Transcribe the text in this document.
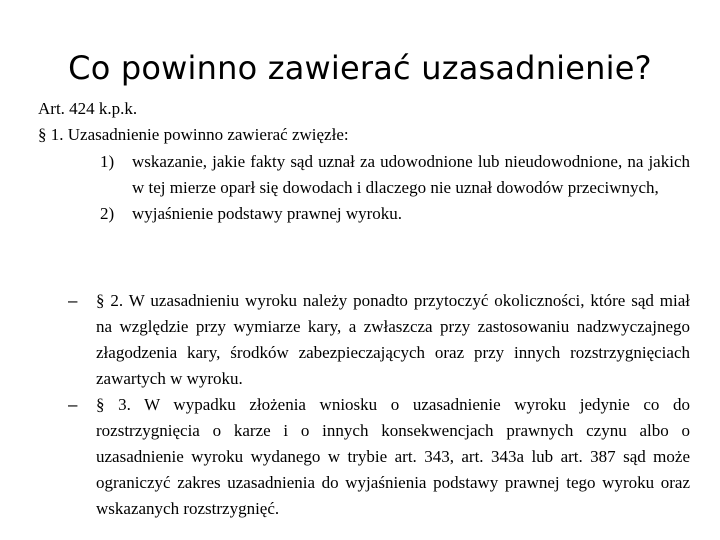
Co powinno zawierać uzasadnienie?
Art. 424 k.p.k.
§ 1. Uzasadnienie powinno zawierać zwięzłe:
1) wskazanie, jakie fakty sąd uznał za udowodnione lub nieudowodnione, na jakich w tej mierze oparł się dowodach i dlaczego nie uznał dowodów przeciwnych,
2) wyjaśnienie podstawy prawnej wyroku.
– § 2. W uzasadnieniu wyroku należy ponadto przytoczyć okoliczności, które sąd miał na względzie przy wymiarze kary, a zwłaszcza przy zastosowaniu nadzwyczajnego złagodzenia kary, środków zabezpieczających oraz przy innych rozstrzygnięciach zawartych w wyroku.
– § 3. W wypadku złożenia wniosku o uzasadnienie wyroku jedynie co do rozstrzygnięcia o karze i o innych konsekwencjach prawnych czynu albo o uzasadnienie wyroku wydanego w trybie art. 343, art. 343a lub art. 387 sąd może ograniczyć zakres uzasadnienia do wyjaśnienia podstawy prawnej tego wyroku oraz wskazanych rozstrzygnięć.
